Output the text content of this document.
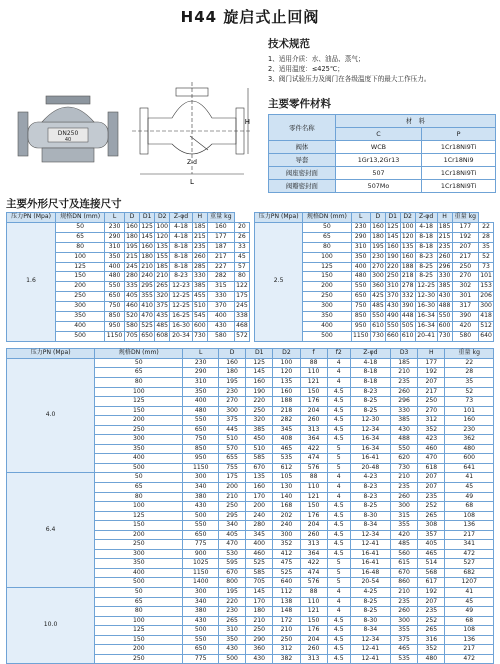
H44 旋启式止回阀
DN250
40
L
H
Z-d
技术规范

1、适用介质：水、油品、蒸气；

2、适用温度：≤425℃；

3、阀门试验压力及阀门在各级温度下的最大工作压力。

主要零件材料
零件名称	材　料	
	C	P
阀体	WCB	1Cr18Ni9Ti
导套	1Gr13,2Gr13	1Cr18Ni9
阀座密封面	507	1Cr18Ni9Ti
阀瓣密封面	507Mo	1Cr18Ni9Ti
主要外形尺寸及连接尺寸
压力PN (Mpa)	规格DN (mm)	L	D	D1	D2	Z-φd	H	重量 kg	
1.6	50	230	160	125	100	4-18	185	160	20
	65	290	180	145	120	4-18	215	177	26
	80	310	195	160	135	8-18	235	187	33
	100	350	215	180	155	8-18	260	217	45
	125	400	245	210	185	8-18	285	227	57
	150	480	280	240	210	8-23	330	282	80
	200	550	335	295	265	12-23	385	315	122
	250	650	405	355	320	12-25	455	330	175
	300	750	460	410	375	12-25	510	370	245
	350	850	520	470	435	16-25	545	400	338
	400	950	580	525	485	16-30	600	430	468
	500	1150	705	650	608	20-34	730	580	572
压力PN (Mpa)	规格DN (mm)	L	D	D1	D2	Z-φd	H	重量 kg	
2.5	50	230	160	125	100	4-18	185	177	22
	65	290	180	145	120	8-18	215	192	28
	80	310	195	160	135	8-18	235	207	35
	100	350	230	190	160	8-23	260	217	52
	125	400	270	220	188	8-25	296	250	73
	150	480	300	250	218	8-25	330	270	101
	200	550	360	310	278	12-25	385	302	153
	250	650	425	370	332	12-30	430	301	206
	300	750	485	430	390	16-30	488	317	300
	350	850	550	490	448	16-34	550	390	418
	400	950	610	550	505	16-34	600	420	512
	500	1150	730	660	610	20-41	730	580	640
压力PN (Mpa)	规格DN (mm)	L	D	D1	D2	f	f2	Z-φd	D3	H	重量 kg
4.0	50	230	160	125	100	88	4	4-18	185	177	22
	65	290	180	145	120	110	4	8-18	210	192	28
	80	310	195	160	135	121	4	8-18	235	207	35
	100	350	230	190	160	150	4.5	8-23	260	217	52
	125	400	270	220	188	176	4.5	8-25	296	250	73
	150	480	300	250	218	204	4.5	8-25	330	270	101
	200	550	375	320	282	260	4.5	12-30	385	312	160
	250	650	445	385	345	313	4.5	12-34	430	352	230
	300	750	510	450	408	364	4.5	16-34	488	423	362
	350	850	570	510	465	422	5	16-34	550	460	480
	400	950	655	585	535	474	5	16-41	620	470	600
	500	1150	755	670	612	576	5	20-48	730	618	641
6.4	50	300	175	135	105	88	4	4-23	210	207	41
	65	340	200	160	130	110	4	8-23	235	207	45
	80	380	210	170	140	121	4	8-23	260	235	49
	100	430	250	200	168	150	4.5	8-25	300	252	68
	125	500	295	240	202	176	4.5	8-30	315	265	108
	150	550	340	280	240	204	4.5	8-34	355	308	136
	200	650	405	345	300	260	4.5	12-34	420	357	217
	250	775	470	400	352	313	4.5	12-41	485	405	341
	300	900	530	460	412	364	4.5	16-41	560	465	472
	350	1025	595	525	475	422	5	16-41	615	514	527
	400	1150	670	585	525	474	5	16-48	670	568	682
	500	1400	800	705	640	576	5	20-54	860	617	1207
10.0	50	300	195	145	112	88	4	4-25	210	192	41
	65	340	220	170	138	110	4	8-25	235	207	45
	80	380	230	180	148	121	4	8-25	260	235	49
	100	430	265	210	172	150	4.5	8-30	300	252	68
	125	500	310	250	210	176	4.5	8-34	355	265	108
	150	550	350	290	250	204	4.5	12-34	375	316	136
	200	650	430	360	312	260	4.5	12-41	465	352	217
	250	775	500	430	382	313	4.5	12-41	535	480	472
